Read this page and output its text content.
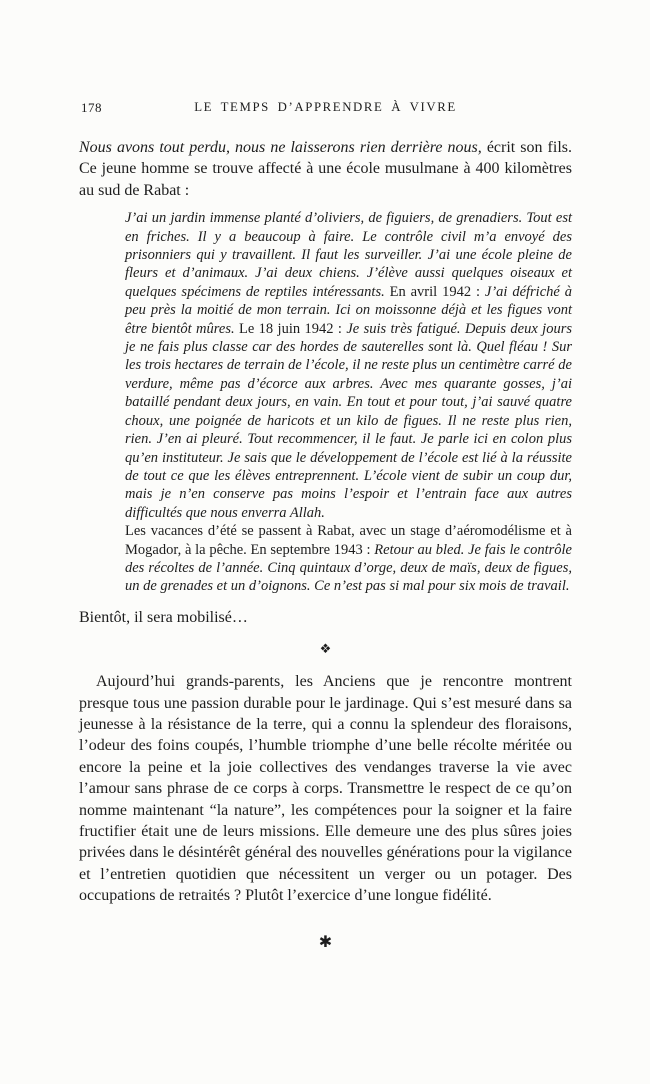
178	LE TEMPS D’APPRENDRE À VIVRE

Nous avons tout perdu, nous ne laisserons rien derrière nous, écrit son fils. Ce jeune homme se trouve affecté à une école musulmane à 400 kilomètres au sud de Rabat :

J’ai un jardin immense planté d’oliviers, de figuiers, de grenadiers. Tout est en friches. Il y a beaucoup à faire. Le contrôle civil m’a envoyé des prisonniers qui y travaillent. Il faut les surveiller. J’ai une école pleine de fleurs et d’animaux. J’ai deux chiens. J’élève aussi quelques oiseaux et quelques spécimens de reptiles intéressants. En avril 1942 : J’ai défriché à peu près la moitié de mon terrain. Ici on moissonne déjà et les figues vont être bientôt mûres. Le 18 juin 1942 : Je suis très fatigué. Depuis deux jours je ne fais plus classe car des hordes de sauterelles sont là. Quel fléau ! Sur les trois hectares de terrain de l’école, il ne reste plus un centimètre carré de verdure, même pas d’écorce aux arbres. Avec mes quarante gosses, j’ai bataillé pendant deux jours, en vain. En tout et pour tout, j’ai sauvé quatre choux, une poignée de haricots et un kilo de figues. Il ne reste plus rien, rien. J’en ai pleuré. Tout recommencer, il le faut. Je parle ici en colon plus qu’en instituteur. Je sais que le développement de l’école est lié à la réussite de tout ce que les élèves entreprennent. L’école vient de subir un coup dur, mais je n’en conserve pas moins l’espoir et l’entrain face aux autres difficultés que nous enverra Allah.

Les vacances d’été se passent à Rabat, avec un stage d’aéromodélisme et à Mogador, à la pêche. En septembre 1943 : Retour au bled. Je fais le contrôle des récoltes de l’année. Cinq quintaux d’orge, deux de maïs, deux de figues, un de grenades et un d’oignons. Ce n’est pas si mal pour six mois de travail.

Bientôt, il sera mobilisé…

❖

Aujourd’hui grands-parents, les Anciens que je rencontre montrent presque tous une passion durable pour le jardinage. Qui s’est mesuré dans sa jeunesse à la résistance de la terre, qui a connu la splendeur des floraisons, l’odeur des foins coupés, l’humble triomphe d’une belle récolte méritée ou encore la peine et la joie collectives des vendanges traverse la vie avec l’amour sans phrase de ce corps à corps. Transmettre le respect de ce qu’on nomme maintenant “la nature”, les compétences pour la soigner et la faire fructifier était une de leurs missions. Elle demeure une des plus sûres joies privées dans le désintérêt général des nouvelles générations pour la vigilance et l’entretien quotidien que nécessitent un verger ou un potager. Des occupations de retraités ? Plutôt l’exercice d’une longue fidélité.

✱
